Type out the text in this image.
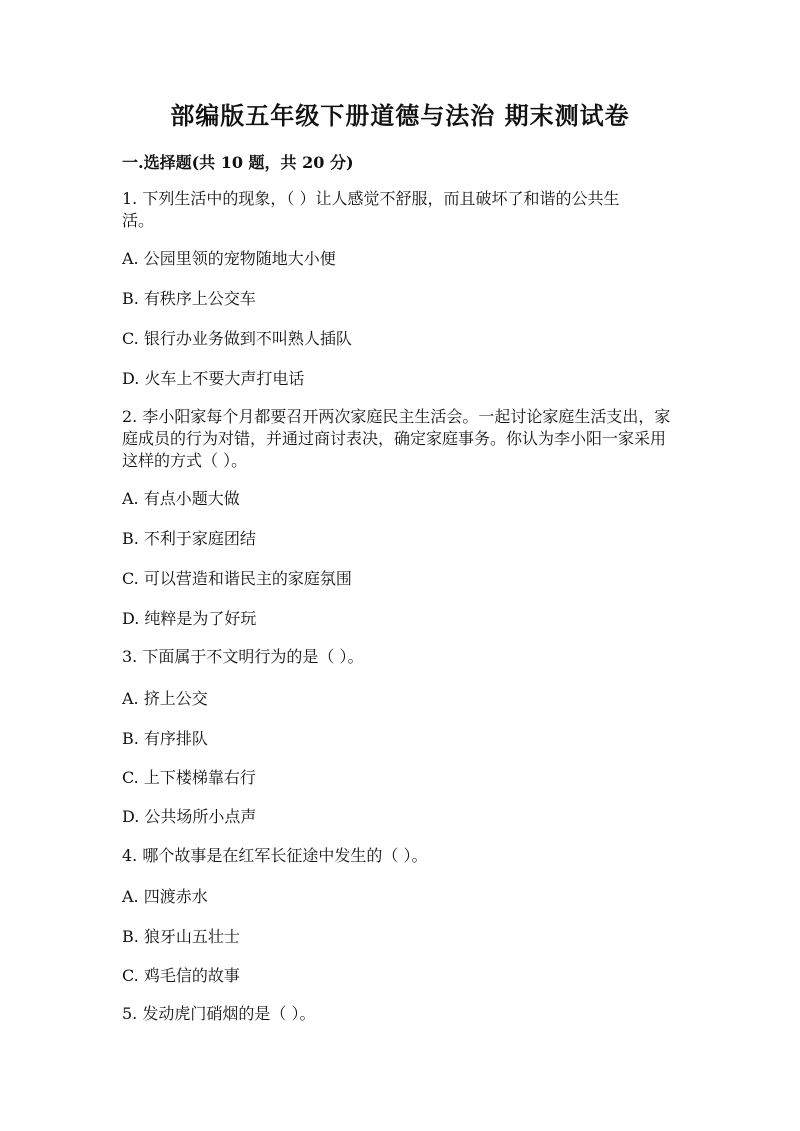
部编版五年级下册道德与法治 期末测试卷
一.选择题(共 10 题，共 20 分)
1. 下列生活中的现象，（ ）让人感觉不舒服，而且破坏了和谐的公共生
活。
A. 公园里领的宠物随地大小便
B. 有秩序上公交车
C. 银行办业务做到不叫熟人插队
D. 火车上不要大声打电话
2. 李小阳家每个月都要召开两次家庭民主生活会。一起讨论家庭生活支出，家
庭成员的行为对错，并通过商讨表决，确定家庭事务。你认为李小阳一家采用
这样的方式（ ）。
A. 有点小题大做
B. 不利于家庭团结
C. 可以营造和谐民主的家庭氛围
D. 纯粹是为了好玩
3. 下面属于不文明行为的是（ ）。
A. 挤上公交
B. 有序排队
C. 上下楼梯靠右行
D. 公共场所小点声
4. 哪个故事是在红军长征途中发生的（ ）。
A. 四渡赤水
B. 狼牙山五壮士
C. 鸡毛信的故事
5. 发动虎门硝烟的是（ ）。
